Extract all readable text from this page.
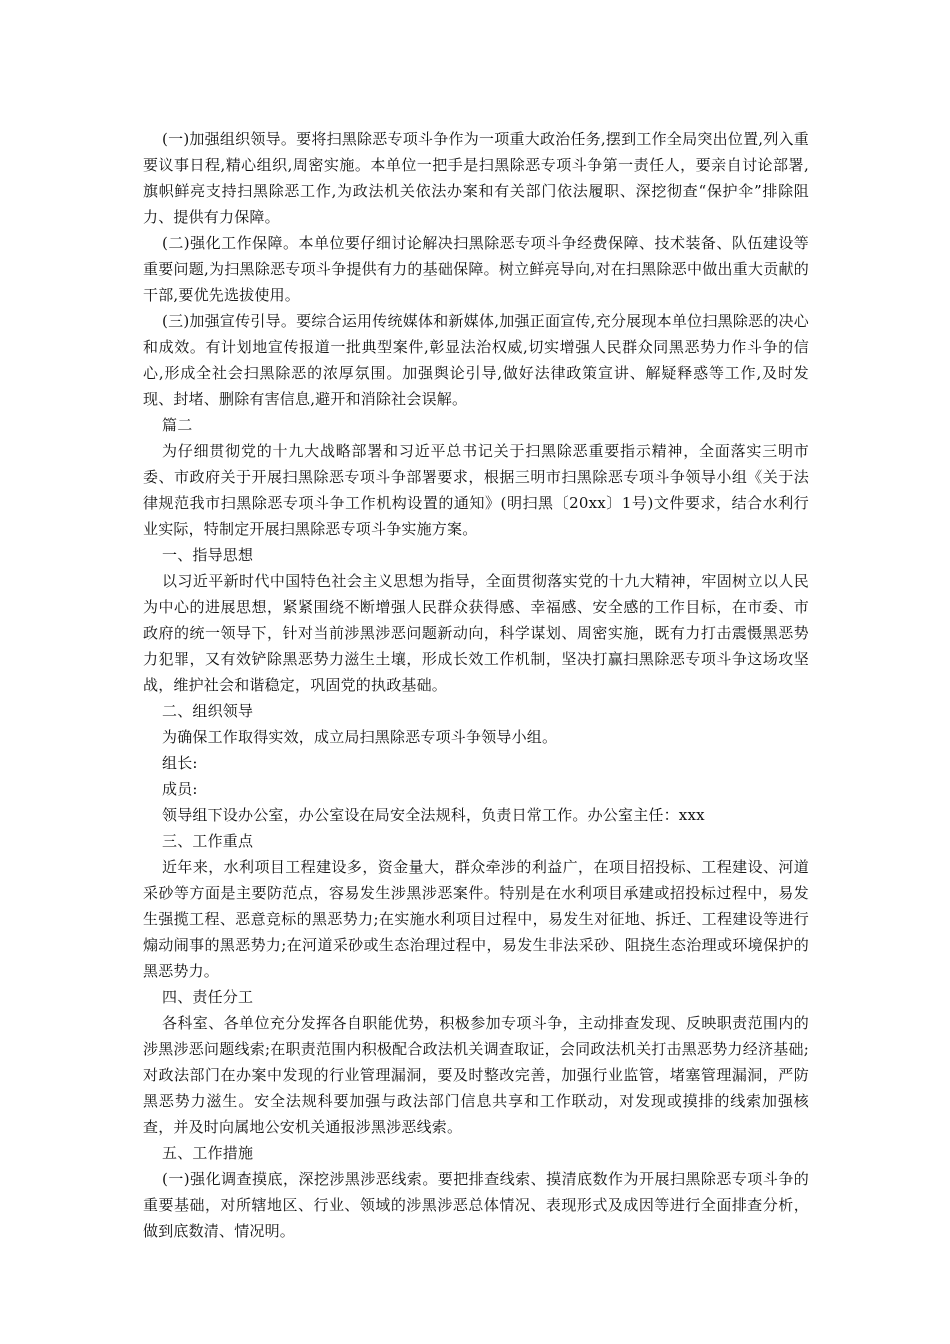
(一)加强组织领导。要将扫黑除恶专项斗争作为一项重大政治任务,摆到工作全局突出位置,列入重要议事日程,精心组织,周密实施。本单位一把手是扫黑除恶专项斗争第一责任人，要亲自讨论部署,旗帜鲜亮支持扫黑除恶工作,为政法机关依法办案和有关部门依法履职、深挖彻查“保护伞”排除阻力、提供有力保障。

(二)强化工作保障。本单位要仔细讨论解决扫黑除恶专项斗争经费保障、技术装备、队伍建设等重要问题,为扫黑除恶专项斗争提供有力的基础保障。树立鲜亮导向,对在扫黑除恶中做出重大贡献的干部,要优先选拔使用。

(三)加强宣传引导。要综合运用传统媒体和新媒体,加强正面宣传,充分展现本单位扫黑除恶的决心和成效。有计划地宣传报道一批典型案件,彰显法治权威,切实增强人民群众同黑恶势力作斗争的信心,形成全社会扫黑除恶的浓厚氛围。加强舆论引导,做好法律政策宣讲、解疑释惑等工作,及时发现、封堵、删除有害信息,避开和消除社会误解。

篇二

为仔细贯彻党的十九大战略部署和习近平总书记关于扫黑除恶重要指示精神，全面落实三明市委、市政府关于开展扫黑除恶专项斗争部署要求，根据三明市扫黑除恶专项斗争领导小组《关于法律规范我市扫黑除恶专项斗争工作机构设置的通知》(明扫黑〔20xx〕1号)文件要求，结合水利行业实际，特制定开展扫黑除恶专项斗争实施方案。

一、指导思想

以习近平新时代中国特色社会主义思想为指导，全面贯彻落实党的十九大精神，牢固树立以人民为中心的进展思想，紧紧围绕不断增强人民群众获得感、幸福感、安全感的工作目标，在市委、市政府的统一领导下，针对当前涉黑涉恶问题新动向，科学谋划、周密实施，既有力打击震慑黑恶势力犯罪，又有效铲除黑恶势力滋生土壤，形成长效工作机制，坚决打赢扫黑除恶专项斗争这场攻坚战，维护社会和谐稳定，巩固党的执政基础。

二、组织领导

为确保工作取得实效，成立局扫黑除恶专项斗争领导小组。

组长:

成员:

领导组下设办公室，办公室设在局安全法规科，负责日常工作。办公室主任：xxx

三、工作重点

近年来，水利项目工程建设多，资金量大，群众牵涉的利益广，在项目招投标、工程建设、河道采砂等方面是主要防范点，容易发生涉黑涉恶案件。特别是在水利项目承建或招投标过程中，易发生强揽工程、恶意竞标的黑恶势力;在实施水利项目过程中，易发生对征地、拆迁、工程建设等进行煽动闹事的黑恶势力;在河道采砂或生态治理过程中，易发生非法采砂、阻挠生态治理或环境保护的黑恶势力。

四、责任分工

各科室、各单位充分发挥各自职能优势，积极参加专项斗争，主动排查发现、反映职责范围内的涉黑涉恶问题线索;在职责范围内积极配合政法机关调查取证，会同政法机关打击黑恶势力经济基础;对政法部门在办案中发现的行业管理漏洞，要及时整改完善，加强行业监管，堵塞管理漏洞，严防黑恶势力滋生。安全法规科要加强与政法部门信息共享和工作联动，对发现或摸排的线索加强核查，并及时向属地公安机关通报涉黑涉恶线索。

五、工作措施

(一)强化调查摸底，深挖涉黑涉恶线索。要把排查线索、摸清底数作为开展扫黑除恶专项斗争的重要基础，对所辖地区、行业、领域的涉黑涉恶总体情况、表现形式及成因等进行全面排查分析，做到底数清、情况明。
